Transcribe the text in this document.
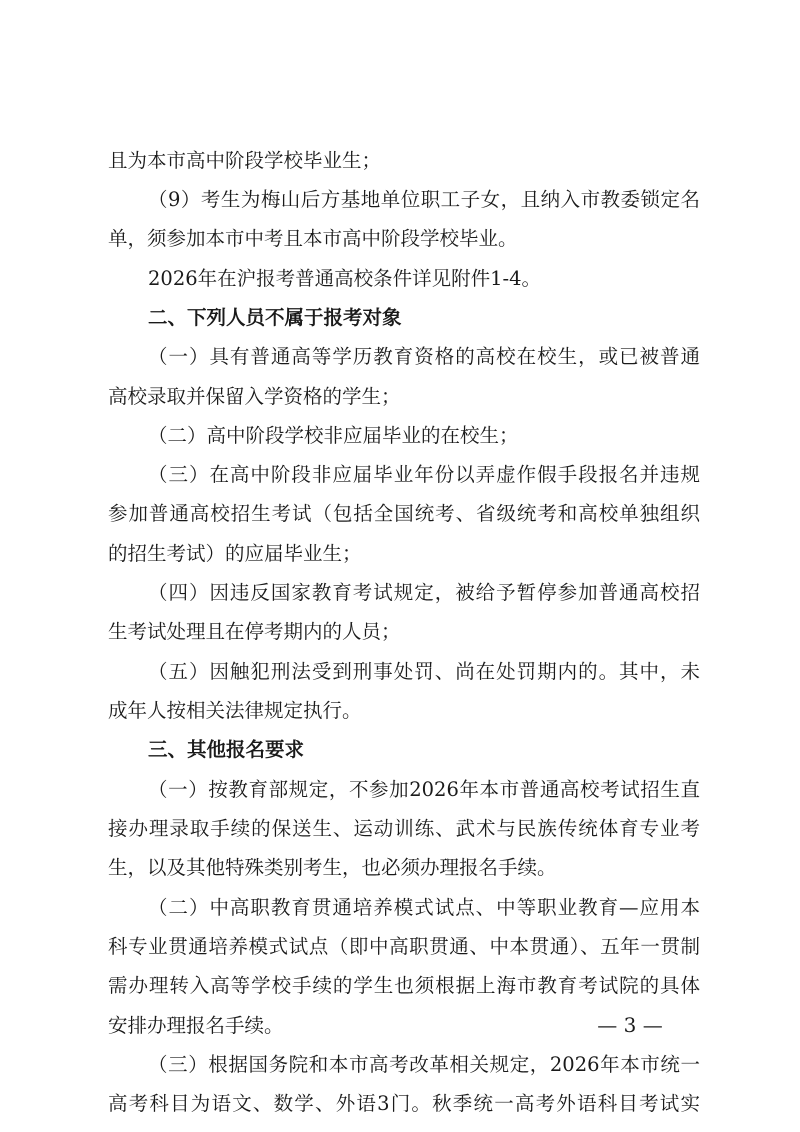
且为本市高中阶段学校毕业生；
（9）考生为梅山后方基地单位职工子女，且纳入市教委锁定名
单，须参加本市中考且本市高中阶段学校毕业。
2026年在沪报考普通高校条件详见附件1-4。
二、下列人员不属于报考对象
（一）具有普通高等学历教育资格的高校在校生，或已被普通
高校录取并保留入学资格的学生；
（二）高中阶段学校非应届毕业的在校生；
（三）在高中阶段非应届毕业年份以弄虚作假手段报名并违规
参加普通高校招生考试（包括全国统考、省级统考和高校单独组织
的招生考试）的应届毕业生；
（四）因违反国家教育考试规定，被给予暂停参加普通高校招
生考试处理且在停考期内的人员；
（五）因触犯刑法受到刑事处罚、尚在处罚期内的。其中，未
成年人按相关法律规定执行。
三、其他报名要求
（一）按教育部规定，不参加2026年本市普通高校考试招生直
接办理录取手续的保送生、运动训练、武术与民族传统体育专业考
生，以及其他特殊类别考生，也必须办理报名手续。
（二）中高职教育贯通培养模式试点、中等职业教育—应用本
科专业贯通培养模式试点（即中高职贯通、中本贯通）、五年一贯制
需办理转入高等学校手续的学生也须根据上海市教育考试院的具体
安排办理报名手续。
（三）根据国务院和本市高考改革相关规定，2026年本市统一
高考科目为语文、数学、外语3门。秋季统一高考外语科目考试实
— 3 —
